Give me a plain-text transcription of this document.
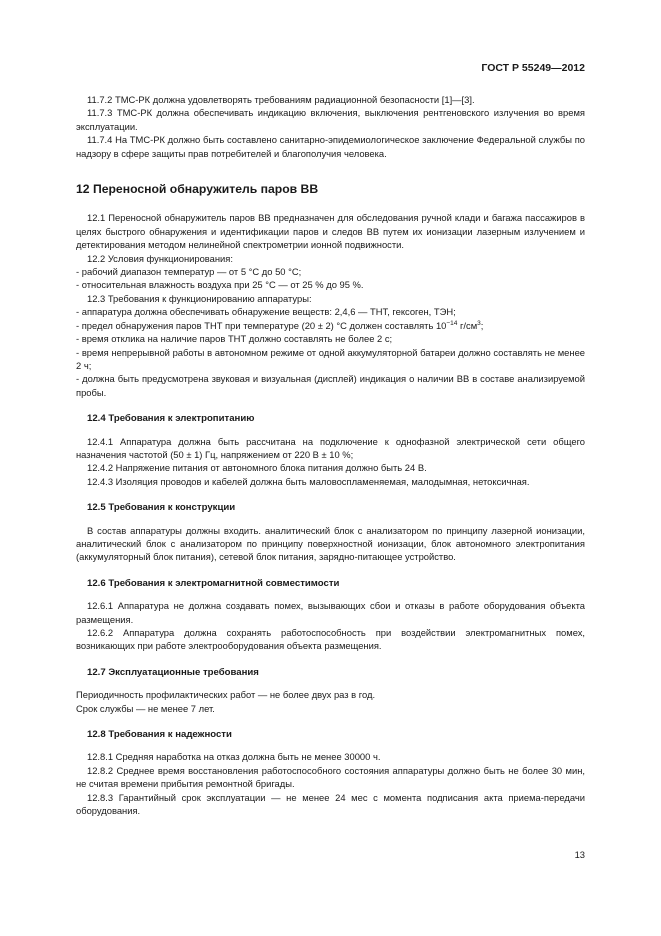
ГОСТ Р 55249—2012

11.7.2 ТМС-РК должна удовлетворять требованиям радиационной безопасности [1]—[3].

11.7.3 ТМС-РК должна обеспечивать индикацию включения, выключения рентгеновского излучения во время эксплуатации.

11.7.4 На ТМС-РК должно быть составлено санитарно-эпидемиологическое заключение Федеральной службы по надзору в сфере защиты прав потребителей и благополучия человека.

12 Переносной обнаружитель паров ВВ

12.1 Переносной обнаружитель паров ВВ предназначен для обследования ручной клади и багажа пассажиров в целях быстрого обнаружения и идентификации паров и следов ВВ путем их ионизации лазерным излучением и детектирования методом нелинейной спектрометрии ионной подвижности.

12.2 Условия функционирования:

- рабочий диапазон температур — от 5 °С до 50 °С;

- относительная влажность воздуха при 25 °С — от 25 % до 95 %.

12.3 Требования к функционированию аппаратуры:

- аппаратура должна обеспечивать обнаружение веществ: 2,4,6 — ТНТ, гексоген, ТЭН;

- предел обнаружения паров ТНТ при температуре (20 ± 2) °С должен составлять $10^{-14}$ $г/см^3$;

- время отклика на наличие паров ТНТ должно составлять не более 2 с;

- время непрерывной работы в автономном режиме от одной аккумуляторной батареи должно составлять не менее 2 ч;

- должна быть предусмотрена звуковая и визуальная (дисплей) индикация о наличии ВВ в составе анализируемой пробы.

12.4 Требования к электропитанию

12.4.1 Аппаратура должна быть рассчитана на подключение к однофазной электрической сети общего назначения частотой (50 ± 1) Гц, напряжением от 220 В ± 10 %;

12.4.2 Напряжение питания от автономного блока питания должно быть 24 В.

12.4.3 Изоляция проводов и кабелей должна быть маловоспламеняемая, малодымная, нетоксичная.

12.5 Требования к конструкции

В состав аппаратуры должны входить. аналитический блок с анализатором по принципу лазерной ионизации, аналитический блок с анализатором по принципу поверхностной ионизации, блок автономного электропитания (аккумуляторный блок питания), сетевой блок питания, зарядно-питающее устройство.

12.6 Требования к электромагнитной совместимости

12.6.1 Аппаратура не должна создавать помех, вызывающих сбои и отказы в работе оборудования объекта размещения.

12.6.2 Аппаратура должна сохранять работоспособность при воздействии электромагнитных помех, возникающих при работе электрооборудования объекта размещения.

12.7 Эксплуатационные требования

Периодичность профилактических работ — не более двух раз в год.

Срок службы — не менее 7 лет.

12.8 Требования к надежности

12.8.1 Средняя наработка на отказ должна быть не менее 30000 ч.

12.8.2 Среднее время восстановления работоспособного состояния аппаратуры должно быть не более 30 мин, не считая времени прибытия ремонтной бригады.

12.8.3 Гарантийный срок эксплуатации — не менее 24 мес с момента подписания акта приема-передачи оборудования.

13
